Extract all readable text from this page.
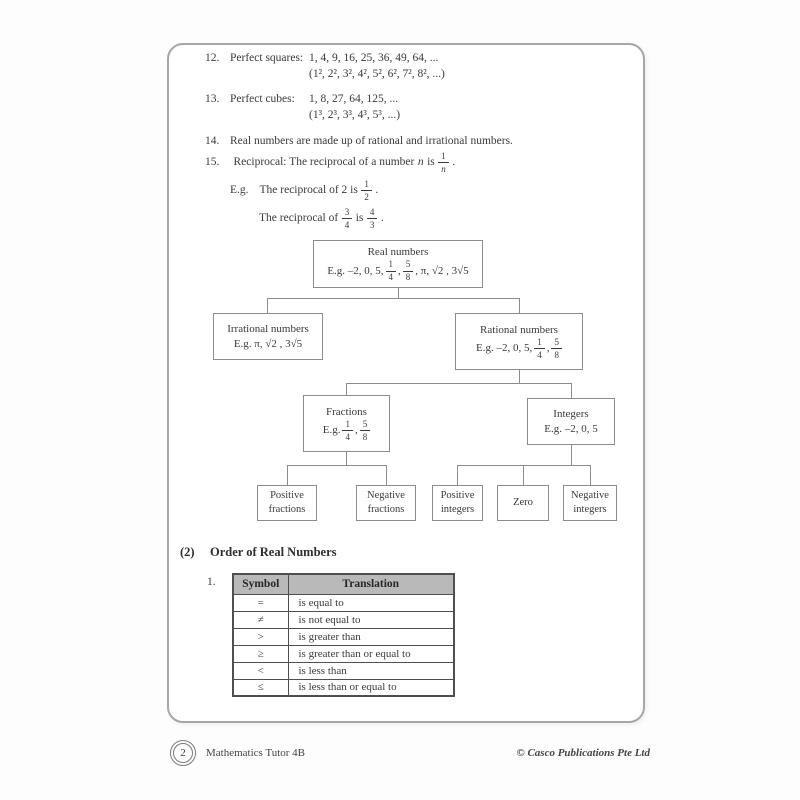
12. Perfect squares: 1, 4, 9, 16, 25, 36, 49, 64, ...
(1², 2², 3², 4², 5², 6², 7², 8², ...)
13. Perfect cubes: 1, 8, 27, 64, 125, ...
(1³, 2³, 3³, 4³, 5³, ...)
14. Real numbers are made up of rational and irrational numbers.
15.	Reciprocal: The reciprocal of a number n is $\frac{1}{n}$ .
E.g. The reciprocal of 2 is $\frac{1}{2}$ .
The reciprocal of $\frac{3}{4}$ is $\frac{4}{3}$ .
Real numbers
E.g. –2, 0, 5, $\frac{1}{4}$ , $\frac{5}{8}$ , π, √2 , 3√5
Irrational numbers
E.g. π, √2 , 3√5
Rational numbers
E.g. –2, 0, 5, $\frac{1}{4}$ , $\frac{5}{8}$
Fractions
E.g. $\frac{1}{4}$ , $\frac{5}{8}$
Integers
E.g. –2, 0, 5
Positive
fractions
Negative
fractions
Positive
integers
Zero
Negative
integers
(2) Order of Real Numbers
1. Symbol	Translation
=	is equal to
≠	is not equal to
>	is greater than
≥	is greater than or equal to
<	is less than
≤	is less than or equal to
2	Mathematics Tutor 4B	© Casco Publications Pte Ltd
